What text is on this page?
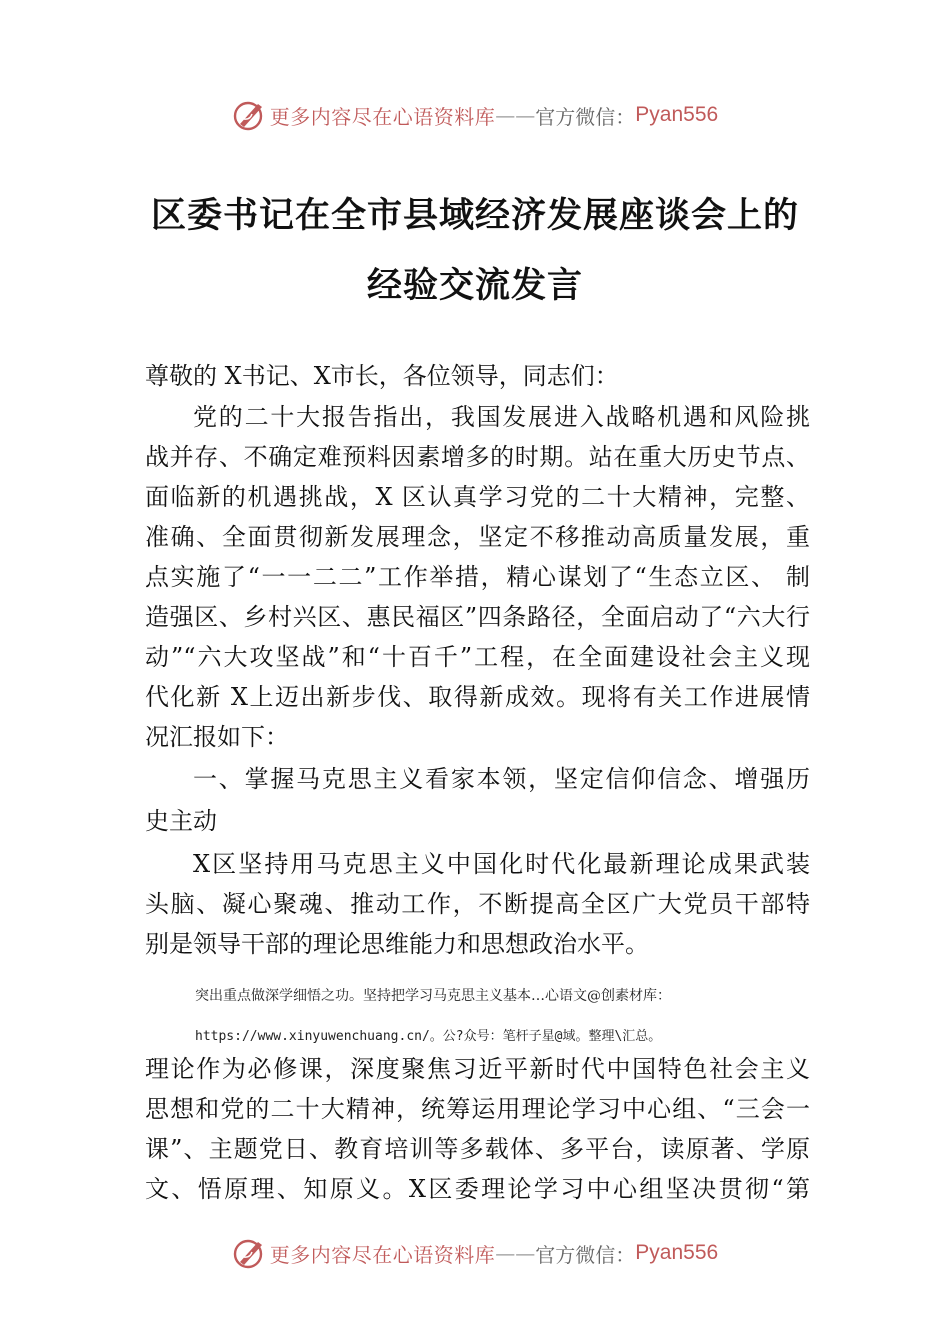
更多内容尽在心语资料库 —— 官方微信： Pyan556
区委书记在全市县域经济发展座谈会上的
经验交流发言
尊敬的 X书记、X市长，各位领导，同志们：
党的二十大报告指出，我国发展进入战略机遇和风险挑
战并存、不确定难预料因素增多的时期。站在重大历史节点、
面临新的机遇挑战，X 区认真学习党的二十大精神，完整、
准确、全面贯彻新发展理念，坚定不移推动高质量发展，重
点实施了“一一二二”工作举措，精心谋划了“生态立区、 制
造强区、乡村兴区、惠民福区”四条路径，全面启动了“六大行
动”“六大攻坚战”和“十百千”工程，在全面建设社会主义现
代化新 X上迈出新步伐、取得新成效。现将有关工作进展情
况汇报如下：
一、掌握马克思主义看家本领，坚定信仰信念、增强历
史主动
X区坚持用马克思主义中国化时代化最新理论成果武装
头脑、凝心聚魂、推动工作，不断提高全区广大党员干部特
别是领导干部的理论思维能力和思想政治水平。
理论作为必修课，深度聚焦习近平新时代中国特色社会主义
思想和党的二十大精神，统筹运用理论学习中心组、“三会一
课”、主题党日、教育培训等多载体、多平台，读原著、学原
文、悟原理、知原义。X区委理论学习中心组坚决贯彻“第
突出重点做深学细悟之功。坚持把学习马克思主义基本…心语文@创素材库：
https://www.xinyuwenchuang.cn/。公?众号：笔杆子星@域。整理\汇总。
更多内容尽在心语资料库 —— 官方微信： Pyan556
